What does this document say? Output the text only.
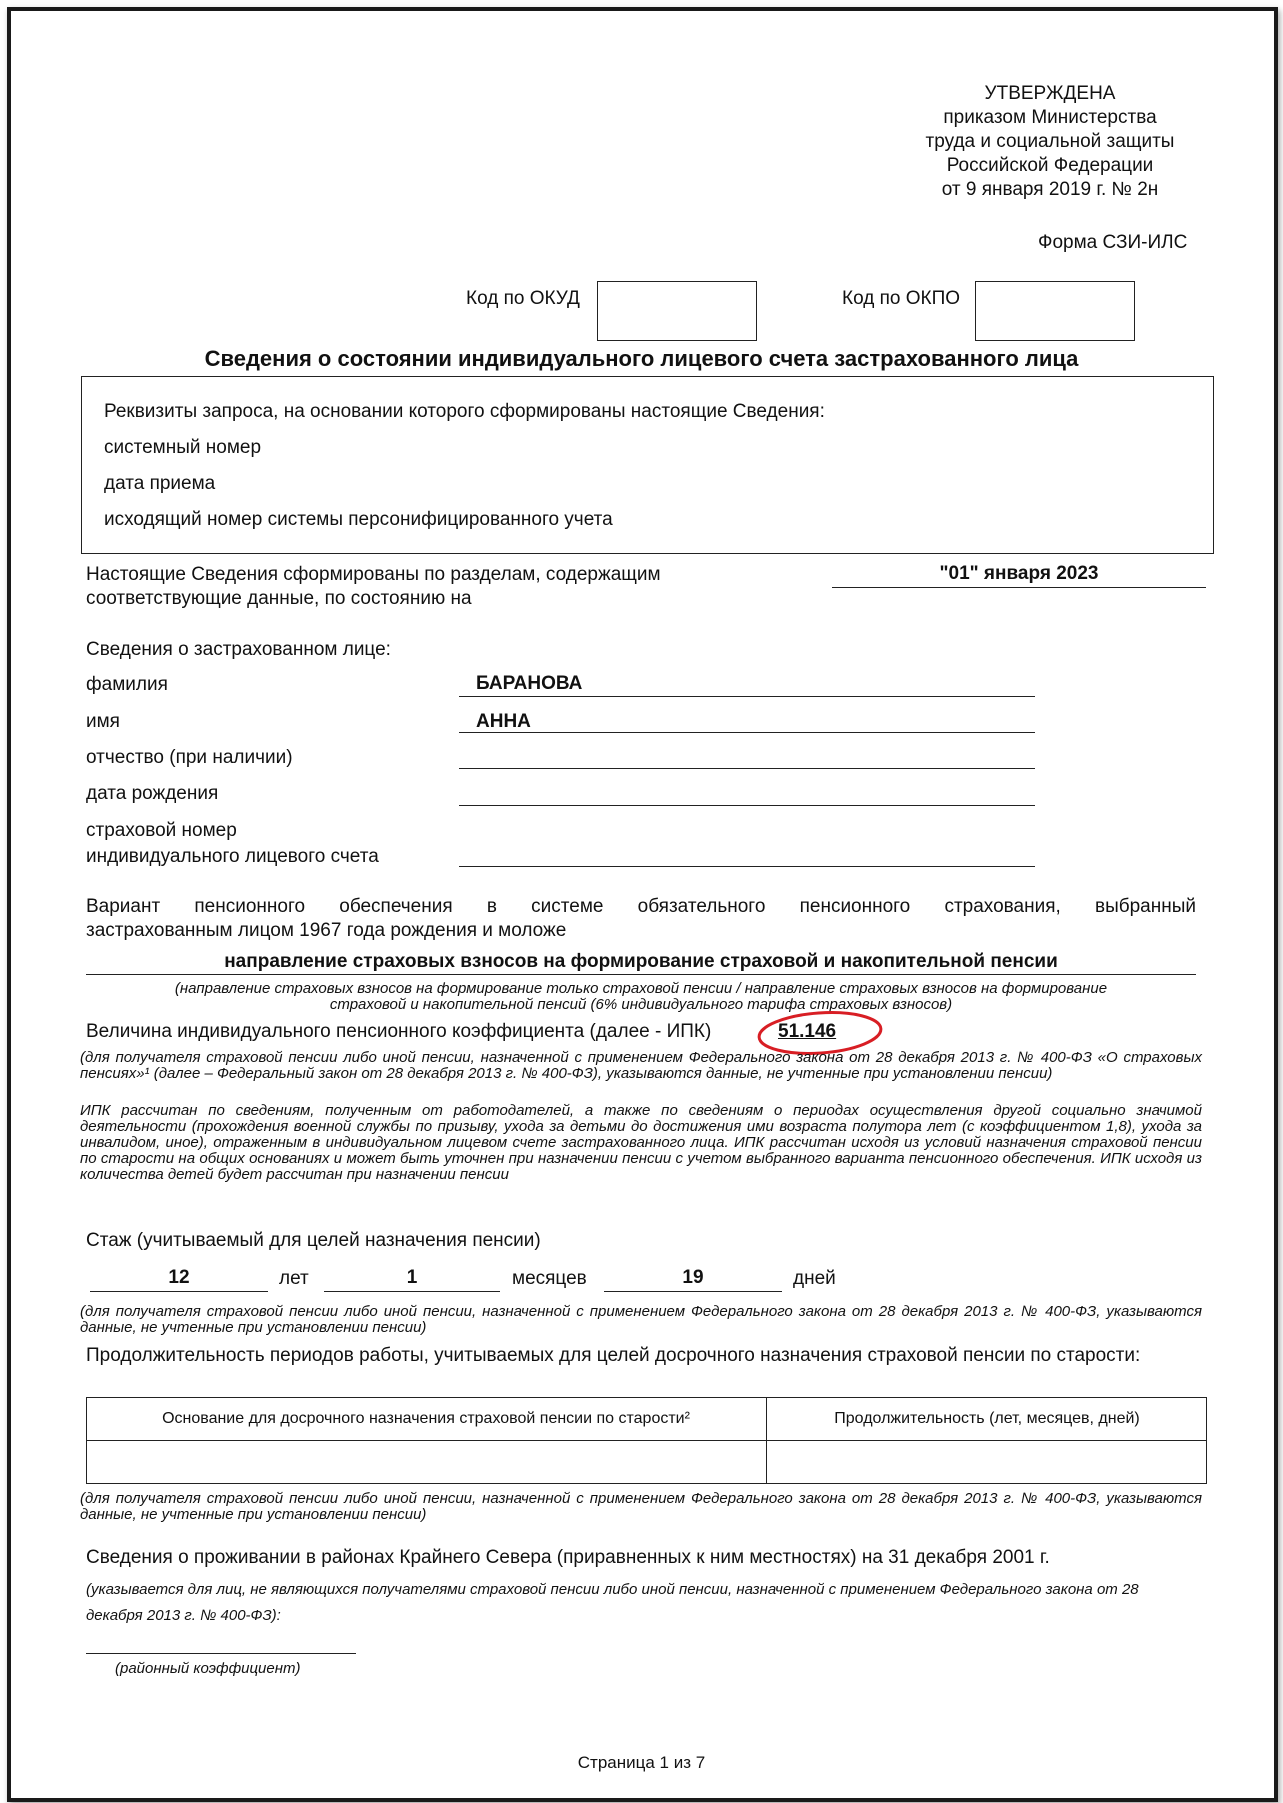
УТВЕРЖДЕНА
приказом Министерства
труда и социальной защиты
Российской Федерации
от 9 января 2019 г. № 2н
Форма СЗИ-ИЛС
Код по ОКУД	Код по ОКПО
Сведения о состоянии индивидуального лицевого счета застрахованного лица
Реквизиты запроса, на основании которого сформированы настоящие Сведения:
системный номер
дата приема
исходящий номер системы персонифицированного учета
Настоящие Сведения сформированы по разделам, содержащим
соответствующие данные, по состоянию на
"01" января 2023
Сведения о застрахованном лице:
фамилия	БАРАНОВА
имя	АННА
отчество (при наличии)
дата рождения
страховой номер
индивидуального лицевого счета
Вариант пенсионного обеспечения в системе обязательного пенсионного страхования, выбранный
застрахованным лицом 1967 года рождения и моложе
направление страховых взносов на формирование страховой и накопительной пенсии
(направление страховых взносов на формирование только страховой пенсии / направление страховых взносов на формирование
страховой и накопительной пенсий (6% индивидуального тарифа страховых взносов)
Величина индивидуального пенсионного коэффициента (далее - ИПК)	51.146
(для получателя страховой пенсии либо иной пенсии, назначенной с применением Федерального закона от 28 декабря 2013 г. № 400-ФЗ «О страховых пенсиях»¹ (далее – Федеральный закон от 28 декабря 2013 г. № 400-ФЗ), указываются данные, не учтенные при установлении пенсии)
ИПК рассчитан по сведениям, полученным от работодателей, а также по сведениям о периодах осуществления другой социально значимой деятельности (прохождения военной службы по призыву, ухода за детьми до достижения ими возраста полутора лет (с коэффициентом 1,8), ухода за инвалидом, иное), отраженным в индивидуальном лицевом счете застрахованного лица. ИПК рассчитан исходя из условий назначения страховой пенсии по старости на общих основаниях и может быть уточнен при назначении пенсии с учетом выбранного варианта пенсионного обеспечения. ИПК исходя из количества детей будет рассчитан при назначении пенсии
Стаж (учитываемый для целей назначения пенсии)
12	лет	1	месяцев	19	дней
(для получателя страховой пенсии либо иной пенсии, назначенной с применением Федерального закона от 28 декабря 2013 г. № 400-ФЗ, указываются данные, не учтенные при установлении пенсии)
Продолжительность периодов работы, учитываемых для целей досрочного назначения страховой пенсии по старости:
Основание для досрочного назначения страховой пенсии по старости²	Продолжительность (лет, месяцев, дней)
(для получателя страховой пенсии либо иной пенсии, назначенной с применением Федерального закона от 28 декабря 2013 г. № 400-ФЗ, указываются данные, не учтенные при установлении пенсии)
Сведения о проживании в районах Крайнего Севера (приравненных к ним местностях) на 31 декабря 2001 г.
(указывается для лиц, не являющихся получателями страховой пенсии либо иной пенсии, назначенной с применением Федерального закона от 28 декабря 2013 г. № 400-ФЗ):
(районный коэффициент)
Страница 1 из 7
